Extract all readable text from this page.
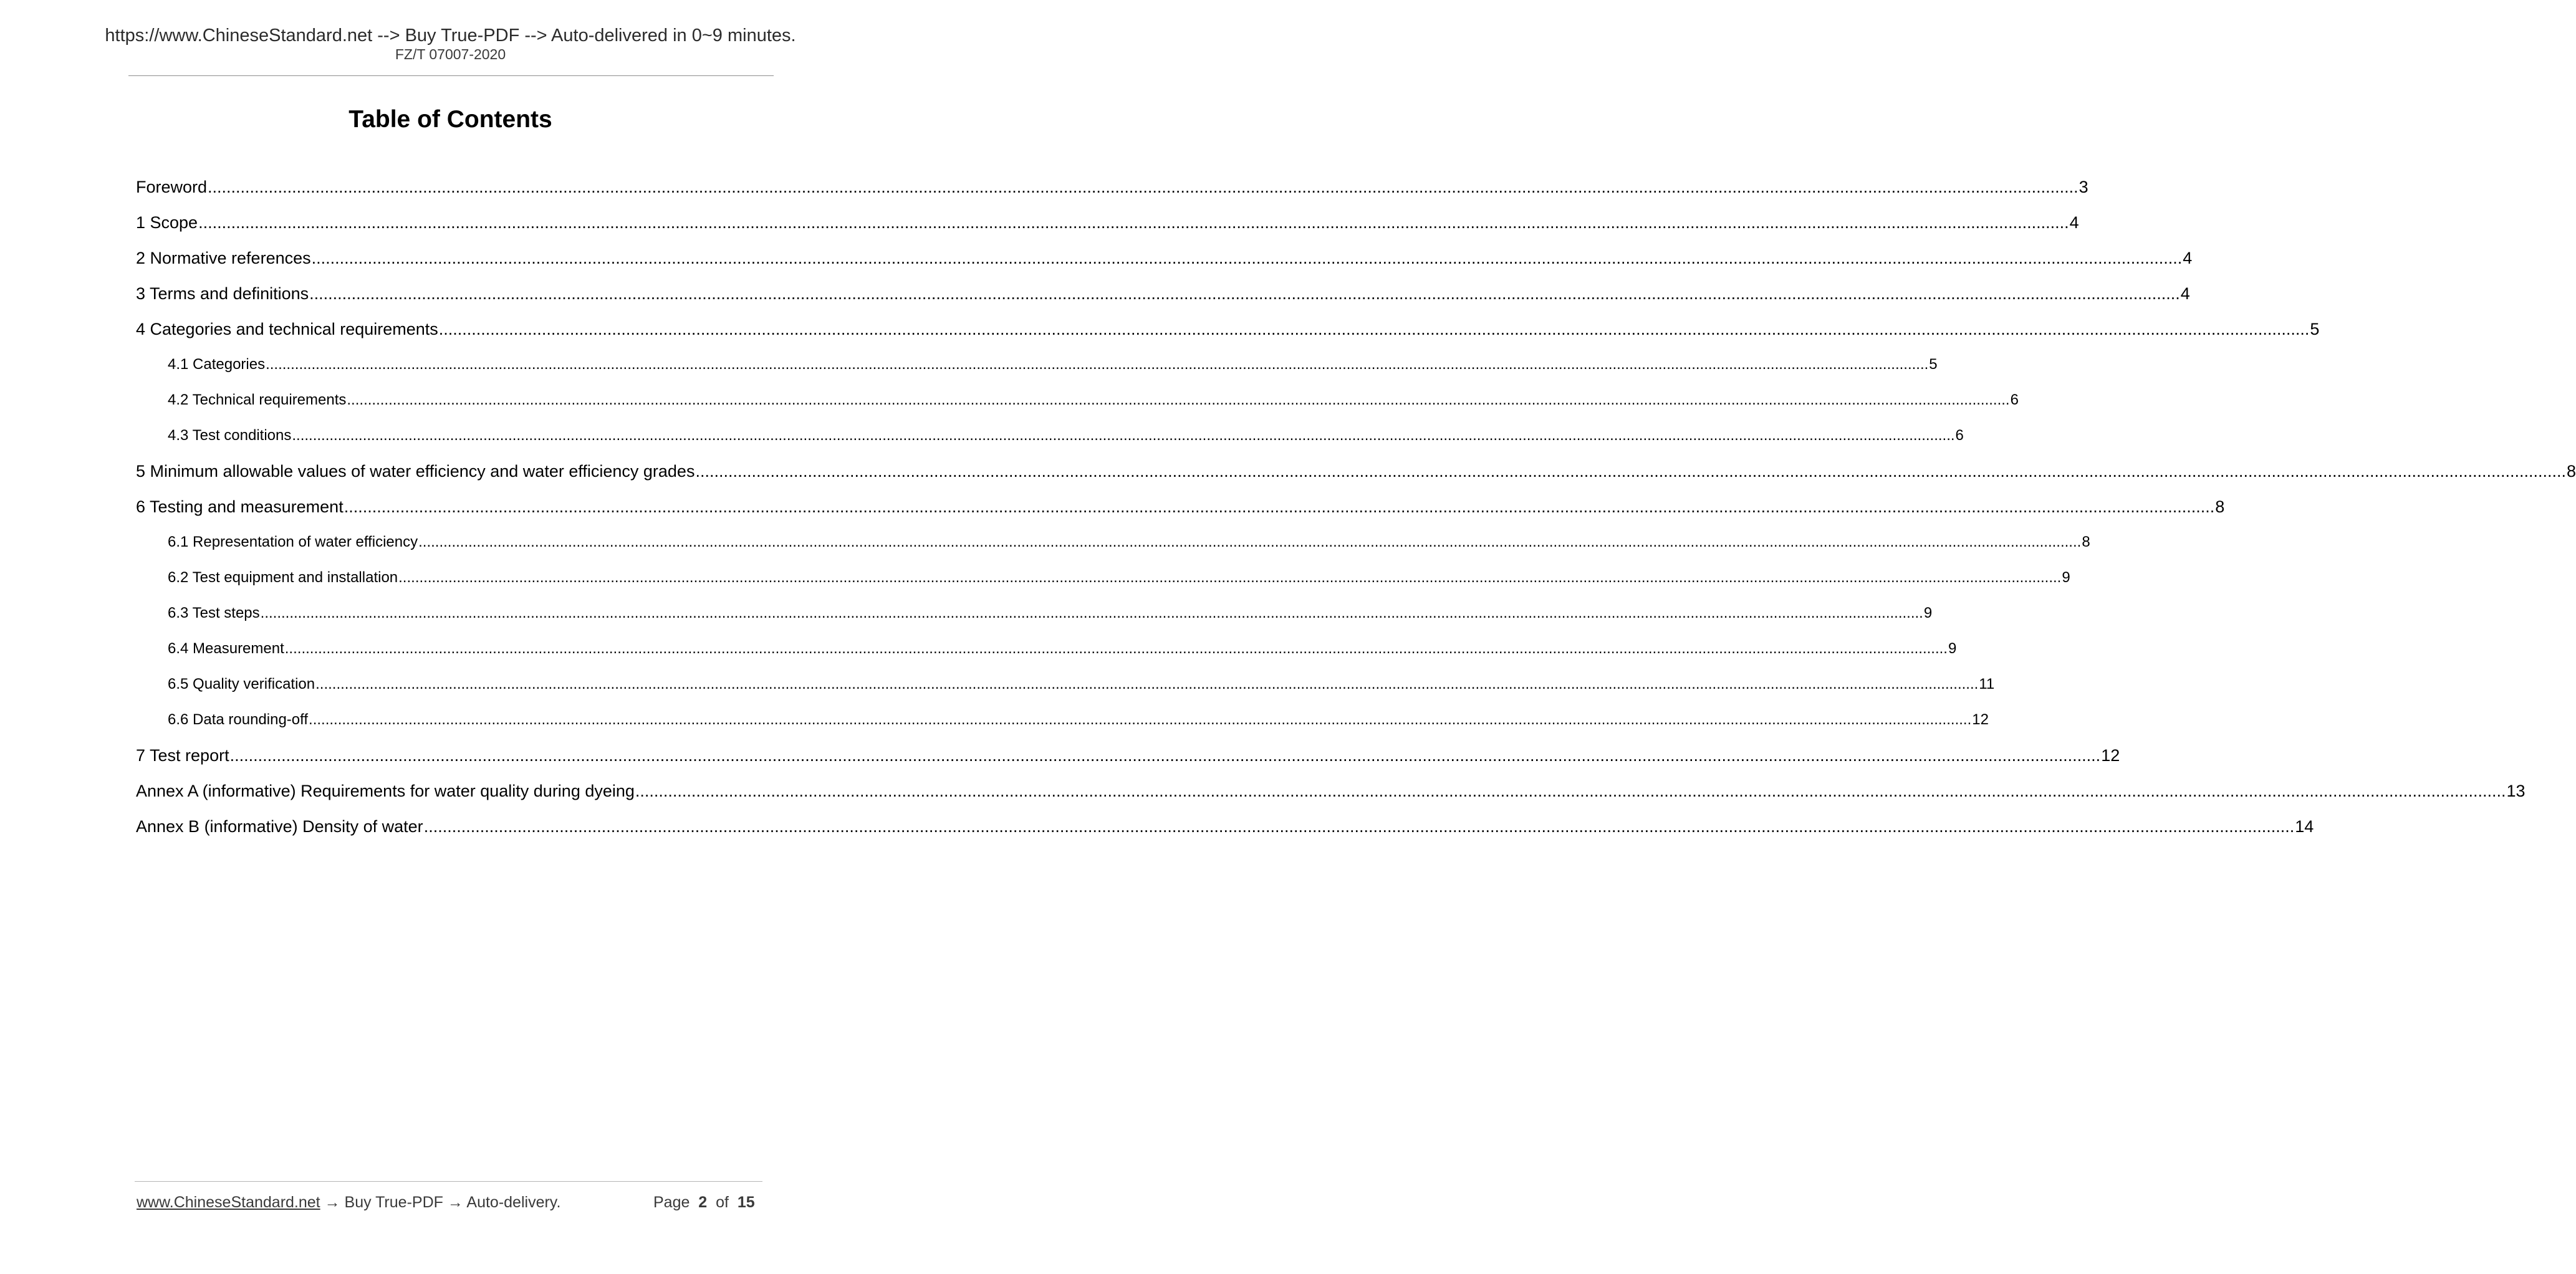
https://www.ChineseStandard.net --> Buy True-PDF --> Auto-delivered in 0~9 minutes.
FZ/T 07007-2020
Table of Contents
Foreword ................................................................................................................................................................................................................................................................................................................................................................................................................ 3
1 Scope ................................................................................................................................................................................................................................................................................................................................................................................................................ 4
2 Normative references ................................................................................................................................................................................................................................................................................................................................................................................................................ 4
3 Terms and definitions ................................................................................................................................................................................................................................................................................................................................................................................................................ 4
4 Categories and technical requirements ................................................................................................................................................................................................................................................................................................................................................................................................................ 5
4.1 Categories ................................................................................................................................................................................................................................................................................................................................................................................................................ 5
4.2 Technical requirements ................................................................................................................................................................................................................................................................................................................................................................................................................ 6
4.3 Test conditions ................................................................................................................................................................................................................................................................................................................................................................................................................ 6
5 Minimum allowable values of water efficiency and water efficiency grades ................................................................................................................................................................................................................................................................................................................................................................................................................ 8
6 Testing and measurement ................................................................................................................................................................................................................................................................................................................................................................................................................ 8
6.1 Representation of water efficiency ................................................................................................................................................................................................................................................................................................................................................................................................................ 8
6.2 Test equipment and installation ................................................................................................................................................................................................................................................................................................................................................................................................................ 9
6.3 Test steps ................................................................................................................................................................................................................................................................................................................................................................................................................ 9
6.4 Measurement ................................................................................................................................................................................................................................................................................................................................................................................................................ 9
6.5 Quality verification ................................................................................................................................................................................................................................................................................................................................................................................................................ 11
6.6 Data rounding-off ................................................................................................................................................................................................................................................................................................................................................................................................................ 12
7 Test report ................................................................................................................................................................................................................................................................................................................................................................................................................ 12
Annex A (informative) Requirements for water quality during dyeing ................................................................................................................................................................................................................................................................................................................................................................................................................ 13
Annex B (informative) Density of water ................................................................................................................................................................................................................................................................................................................................................................................................................ 14
www.ChineseStandard.net → Buy True-PDF → Auto-delivery.	Page 2 of 15
